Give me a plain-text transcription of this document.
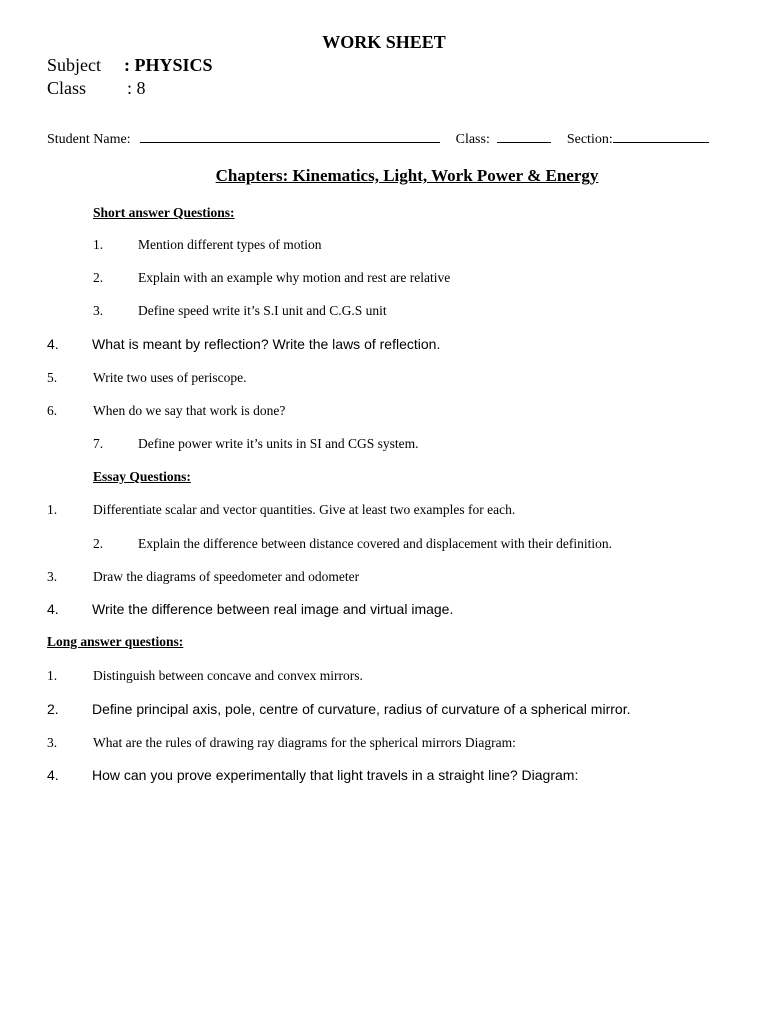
WORK SHEET
Subject : PHYSICS
Class : 8
Student Name:	Class:	Section:
Chapters: Kinematics, Light, Work Power & Energy
Short answer Questions:
1.	Mention different types of motion
2.	Explain with an example why motion and rest are relative
3.	Define speed write it’s S.I unit and C.G.S unit
4. What is meant by reflection? Write the laws of reflection.
5.	Write two uses of periscope.
6.	When do we say that work is done?
7.	Define power write it’s units in SI and CGS system.
Essay Questions:
1.	Differentiate scalar and vector quantities. Give at least two examples for each.
2.	Explain the difference between distance covered and displacement with their definition.
3.	Draw the diagrams of speedometer and odometer
4. Write the difference between real image and virtual image.
Long answer questions:
1.	Distinguish between concave and convex mirrors.
2. Define principal axis, pole, centre of curvature, radius of curvature of a spherical mirror.
3.	What are the rules of drawing ray diagrams for the spherical mirrors Diagram:
4. How can you prove experimentally that light travels in a straight line? Diagram:
